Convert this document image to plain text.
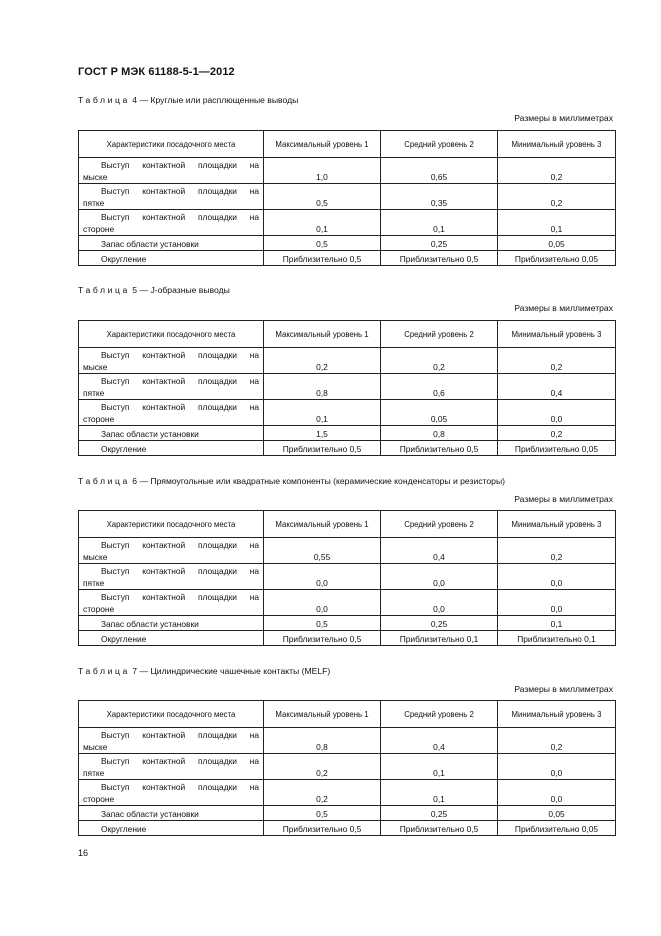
ГОСТ Р МЭК 61188-5-1—2012
Таблица 4 — Круглые или расплющенные выводы
Размеры в миллиметрах
Характеристики посадочного места	Максимальный уровень 1	Средний уровень 2	Минимальный уровень 3

Выступ контактной площадки на
мыске	1,0	0,65	0,2

Выступ контактной площадки на
пятке	0,5	0,35	0,2

Выступ контактной площадки на
стороне	0,1	0,1	0,1
Запас области установки	0,5	0,25	0,05
Округление	Приблизительно 0,5	Приблизительно 0,5	Приблизительно 0,05
Таблица 5 — J-образные выводы
Размеры в миллиметрах
Характеристики посадочного места	Максимальный уровень 1	Средний уровень 2	Минимальный уровень 3

Выступ контактной площадки на
мыске	0,2	0,2	0,2

Выступ контактной площадки на
пятке	0,8	0,6	0,4

Выступ контактной площадки на
стороне	0,1	0,05	0,0
Запас области установки	1,5	0,8	0,2
Округление	Приблизительно 0,5	Приблизительно 0,5	Приблизительно 0,05
Таблица 6 — Прямоугольные или квадратные компоненты (керамические конденсаторы и резисторы)
Размеры в миллиметрах
Характеристики посадочного места	Максимальный уровень 1	Средний уровень 2	Минимальный уровень 3

Выступ контактной площадки на
мыске	0,55	0,4	0,2

Выступ контактной площадки на
пятке	0,0	0,0	0,0

Выступ контактной площадки на
стороне	0,0	0,0	0,0
Запас области установки	0,5	0,25	0,1
Округление	Приблизительно 0,5	Приблизительно 0,1	Приблизительно 0,1
Таблица 7 — Цилиндрические чашечные контакты (MELF)
Размеры в миллиметрах
Характеристики посадочного места	Максимальный уровень 1	Средний уровень 2	Минимальный уровень 3

Выступ контактной площадки на
мыске	0,8	0,4	0,2

Выступ контактной площадки на
пятке	0,2	0,1	0,0

Выступ контактной площадки на
стороне	0,2	0,1	0,0
Запас области установки	0,5	0,25	0,05
Округление	Приблизительно 0,5	Приблизительно 0,5	Приблизительно 0,05
16
